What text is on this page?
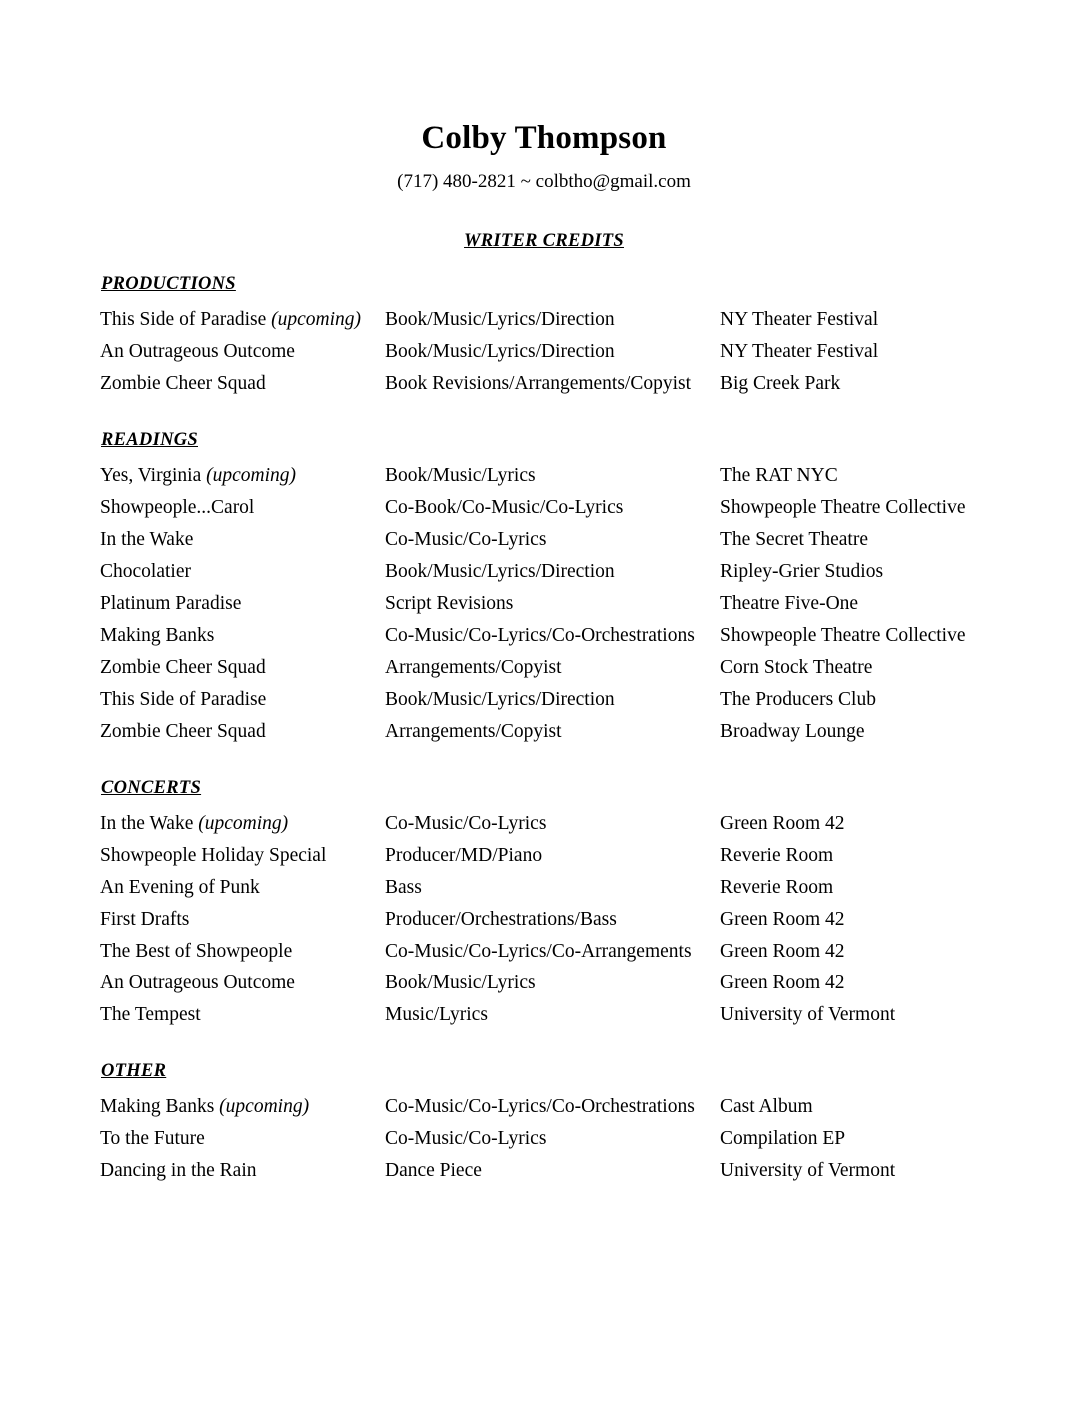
Colby Thompson
(717) 480-2821 ~ colbtho@gmail.com
WRITER CREDITS
PRODUCTIONS
This Side of Paradise (upcoming)	Book/Music/Lyrics/Direction	NY Theater Festival
An Outrageous Outcome	Book/Music/Lyrics/Direction	NY Theater Festival
Zombie Cheer Squad	Book Revisions/Arrangements/Copyist	Big Creek Park
READINGS
Yes, Virginia (upcoming)	Book/Music/Lyrics	The RAT NYC
Showpeople...Carol	Co-Book/Co-Music/Co-Lyrics	Showpeople Theatre Collective
In the Wake	Co-Music/Co-Lyrics	The Secret Theatre
Chocolatier	Book/Music/Lyrics/Direction	Ripley-Grier Studios
Platinum Paradise	Script Revisions	Theatre Five-One
Making Banks	Co-Music/Co-Lyrics/Co-Orchestrations	Showpeople Theatre Collective
Zombie Cheer Squad	Arrangements/Copyist	Corn Stock Theatre
This Side of Paradise	Book/Music/Lyrics/Direction	The Producers Club
Zombie Cheer Squad	Arrangements/Copyist	Broadway Lounge
CONCERTS
In the Wake (upcoming)	Co-Music/Co-Lyrics	Green Room 42
Showpeople Holiday Special	Producer/MD/Piano	Reverie Room
An Evening of Punk	Bass	Reverie Room
First Drafts	Producer/Orchestrations/Bass	Green Room 42
The Best of Showpeople	Co-Music/Co-Lyrics/Co-Arrangements	Green Room 42
An Outrageous Outcome	Book/Music/Lyrics	Green Room 42
The Tempest	Music/Lyrics	University of Vermont
OTHER
Making Banks (upcoming)	Co-Music/Co-Lyrics/Co-Orchestrations	Cast Album
To the Future	Co-Music/Co-Lyrics	Compilation EP
Dancing in the Rain	Dance Piece	University of Vermont
